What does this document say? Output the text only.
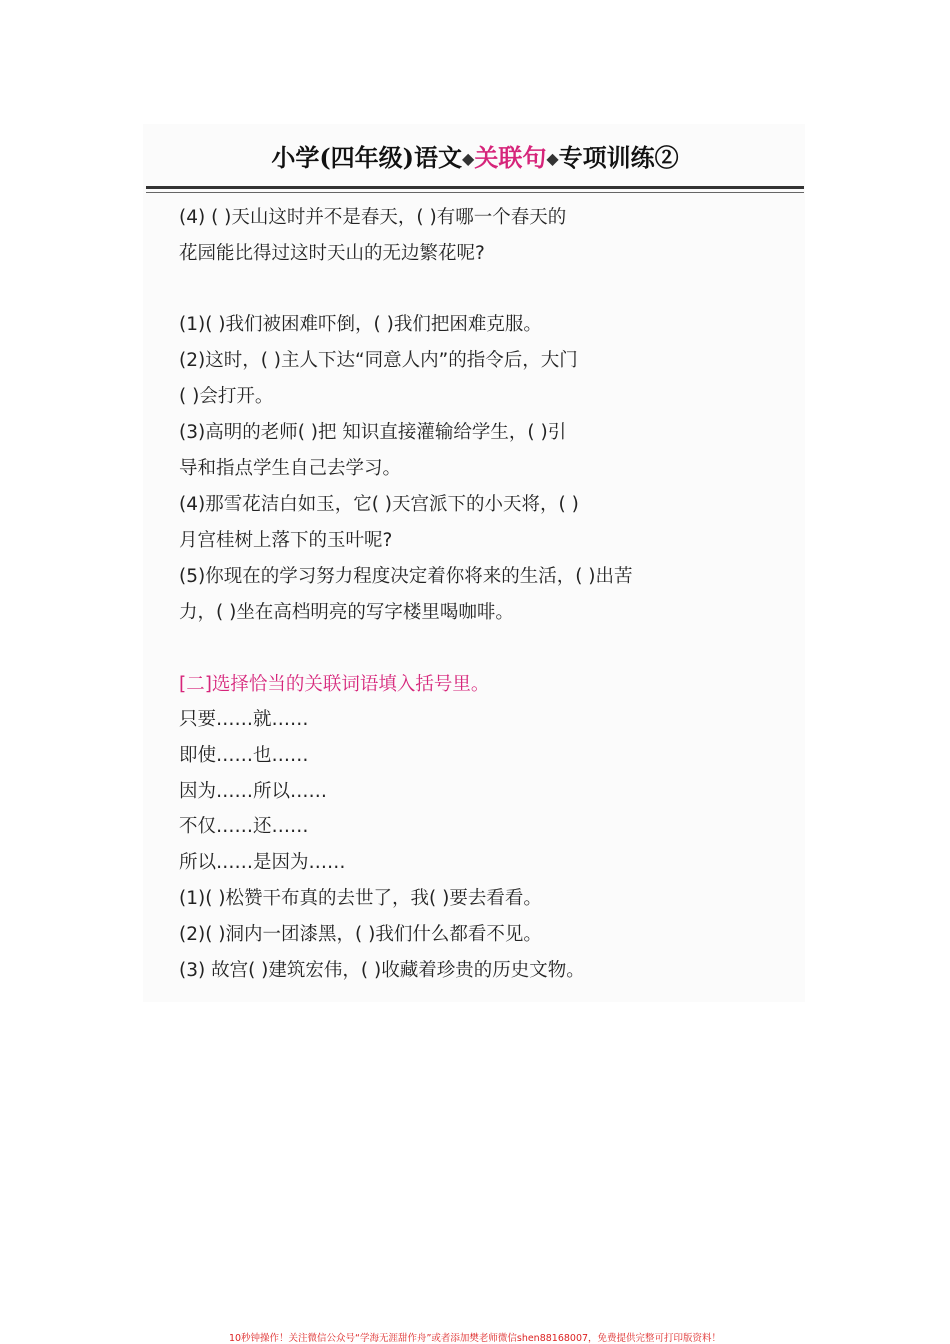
小学(四年级)语文◆关联句◆专项训练②
(4) ( )天山这时并不是春天，( )有哪一个春天的
花园能比得过这时天山的无边繁花呢?
(1)( )我们被困难吓倒，( )我们把困难克服。
(2)这时，( )主人下达“同意人内”的指令后，大门
( )会打开。
(3)高明的老师( )把 知识直接灌输给学生，( )引
导和指点学生自己去学习。
(4)那雪花洁白如玉，它( )天宫派下的小天将，( )
月宫桂树上落下的玉叶呢?
(5)你现在的学习努力程度决定着你将来的生活，( )出苦
力，( )坐在高档明亮的写字楼里喝咖啡。
[二]选择恰当的关联词语填入括号里。
只要……就……
即使……也……
因为……所以……
不仅……还……
所以……是因为……
(1)( )松赞干布真的去世了，我( )要去看看。
(2)( )洞内一团漆黑，( )我们什么都看不见。
(3) 故宫( )建筑宏伟，( )收藏着珍贵的历史文物。
10秒钟操作！关注微信公众号“学海无涯甜作舟”或者添加樊老师微信shen88168007，免费提供完整可打印版资料！
